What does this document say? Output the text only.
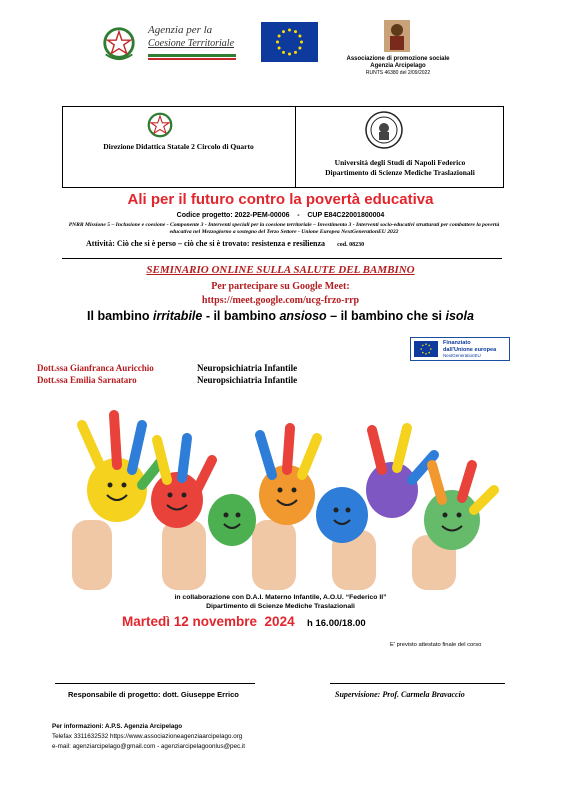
Agenzia per la
Coesione Territoriale
Associazione di promozione sociale
Agenzia Arcipelago
RUNTS 46380 del 2/09/2022
Direzione Didattica Statale 2 Circolo di Quarto
Università degli Studi di Napoli Federico
Dipartimento di Scienze Mediche Traslazionali
Ali per il futuro contro la povertà educativa
Codice progetto: 2022-PEM-00006    -    CUP E84C22001800004
PNRR Missione 5 – Inclusione e coesione - Componente 3 - Interventi speciali per la coesione territoriale – Investimento 3 - Interventi socio-educativi strutturati per combattere la povertà educativa nel Mezzogiorno a sostegno del Terzo Settore - Unione Europea NextGenerationEU 2022
Attività: Ciò che si è perso – ciò che si è trovato: resistenza e resilienza cod. 08230
SEMINARIO ONLINE SULLA SALUTE DEL BAMBINO
Per partecipare su Google Meet:
https://meet.google.com/ucg-frzo-rrp
Il bambino irritabile - il bambino ansioso – il bambino che si isola
Finanziato
dall'Unione europea
NextGenerationEU
Dott.ssa Gianfranca Auricchio	Neuropsichiatria Infantile
Dott.ssa Emilia Sarnataro	Neuropsichiatria Infantile
in collaborazione con D.A.I. Materno Infantile, A.O.U. “Federico II”
Dipartimento di Scienze Mediche Traslazionali
Martedì 12 novembre  2024 h 16.00/18.00
E' previsto attestato finale del corso
Responsabile di progetto: dott. Giuseppe Errico	Supervisione: Prof. Carmela Bravaccio
Per informazioni: A.P.S. Agenzia Arcipelago
Telefax 3311632532 https://www.associazioneagenziaarcipelago.org
e-mail: agenziarcipelago@gmail.com - agenziarcipelagoonlus@pec.it
